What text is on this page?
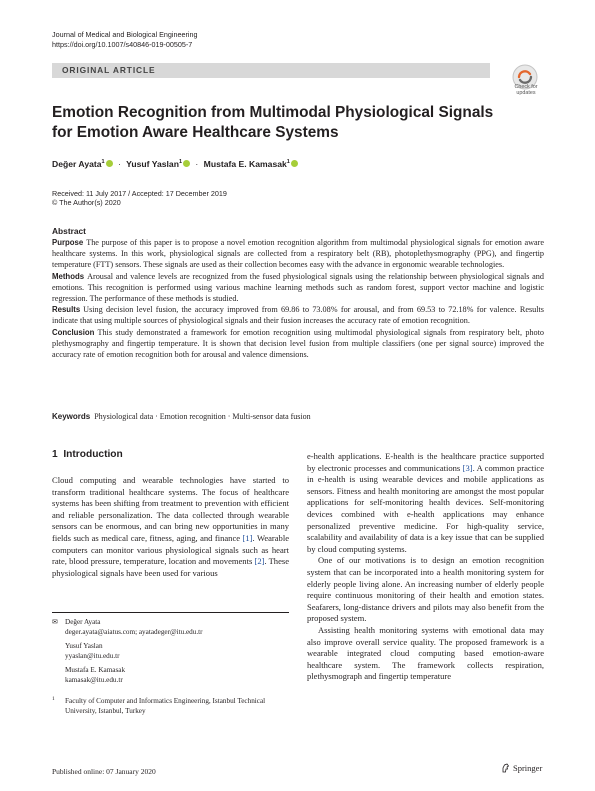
Journal of Medical and Biological Engineering
https://doi.org/10.1007/s40846-019-00505-7
ORIGINAL ARTICLE
Check for
updates
Emotion Recognition from Multimodal Physiological Signals
for Emotion Aware Healthcare Systems
Değer Ayata$^1$ · Yusuf Yaslan$^1$ · Mustafa E. Kamasak$^1$
Received: 11 July 2017 / Accepted: 17 December 2019
© The Author(s) 2020
Abstract

Purpose The purpose of this paper is to propose a novel emotion recognition algorithm from multimodal physiological signals for emotion aware healthcare systems. In this work, physiological signals are collected from a respiratory belt (RB), photoplethysmography (PPG), and fingertip temperature (FTT) sensors. These signals are used as their collection becomes easy with the advance in ergonomic wearable technologies.

Methods Arousal and valence levels are recognized from the fused physiological signals using the relationship between physiological signals and emotions. This recognition is performed using various machine learning methods such as random forest, support vector machine and logistic regression. The performance of these methods is studied.

Results Using decision level fusion, the accuracy improved from 69.86 to 73.08% for arousal, and from 69.53 to 72.18% for valence. Results indicate that using multiple sources of physiological signals and their fusion increases the accuracy rate of emotion recognition.

Conclusion This study demonstrated a framework for emotion recognition using multimodal physiological signals from respiratory belt, photo plethysmography and fingertip temperature. It is shown that decision level fusion from multiple classifiers (one per signal source) improved the accuracy rate of emotion recognition both for arousal and valence dimensions.

Keywords Physiological data · Emotion recognition · Multi-sensor data fusion
1 Introduction

Cloud computing and wearable technologies have started to transform traditional healthcare systems. The focus of healthcare systems has been shifting from treatment to prevention with efficient and reliable personalization. The data collected through wearable sensors can be enormous, and can bring new opportunities in many fields such as medical care, fitness, aging, and finance [1]. Wearable computers can monitor various physiological signals such as heart rate, blood pressure, temperature, location and movements [2]. These physiological signals have been used for various

e-health applications. E-health is the healthcare practice supported by electronic processes and communications [3]. A common practice in e-health is using wearable devices and mobile applications as sensors. Fitness and health monitoring are amongst the most popular applications for self-monitoring health devices. Self-monitoring devices combined with e-health applications may enhance personalized preventive medicine. For high-quality service, scalability and availability of data is a key issue that can be supplied by cloud computing systems.

One of our motivations is to design an emotion recognition system that can be incorporated into a health monitoring system for elderly people living alone. An increasing number of elderly people require continuous monitoring of their health and emotion states. Seafarers, long-distance drivers and pilots may also benefit from the proposed system.

Assisting health monitoring systems with emotional data may also improve overall service quality. The proposed framework is a wearable integrated cloud computing based emotion-aware healthcare system. The framework collects respiration, plethysmograph and fingertip temperature

✉ Değer Ayata
deger.ayata@aiatus.com; ayatadeger@itu.edu.tr
Yusuf Yaslan
yyaslan@itu.edu.tr
Mustafa E. Kamasak
kamasak@itu.edu.tr
1	Faculty of Computer and Informatics Engineering, Istanbul Technical University, Istanbul, Turkey
Published online: 07 January 2020	Springer
